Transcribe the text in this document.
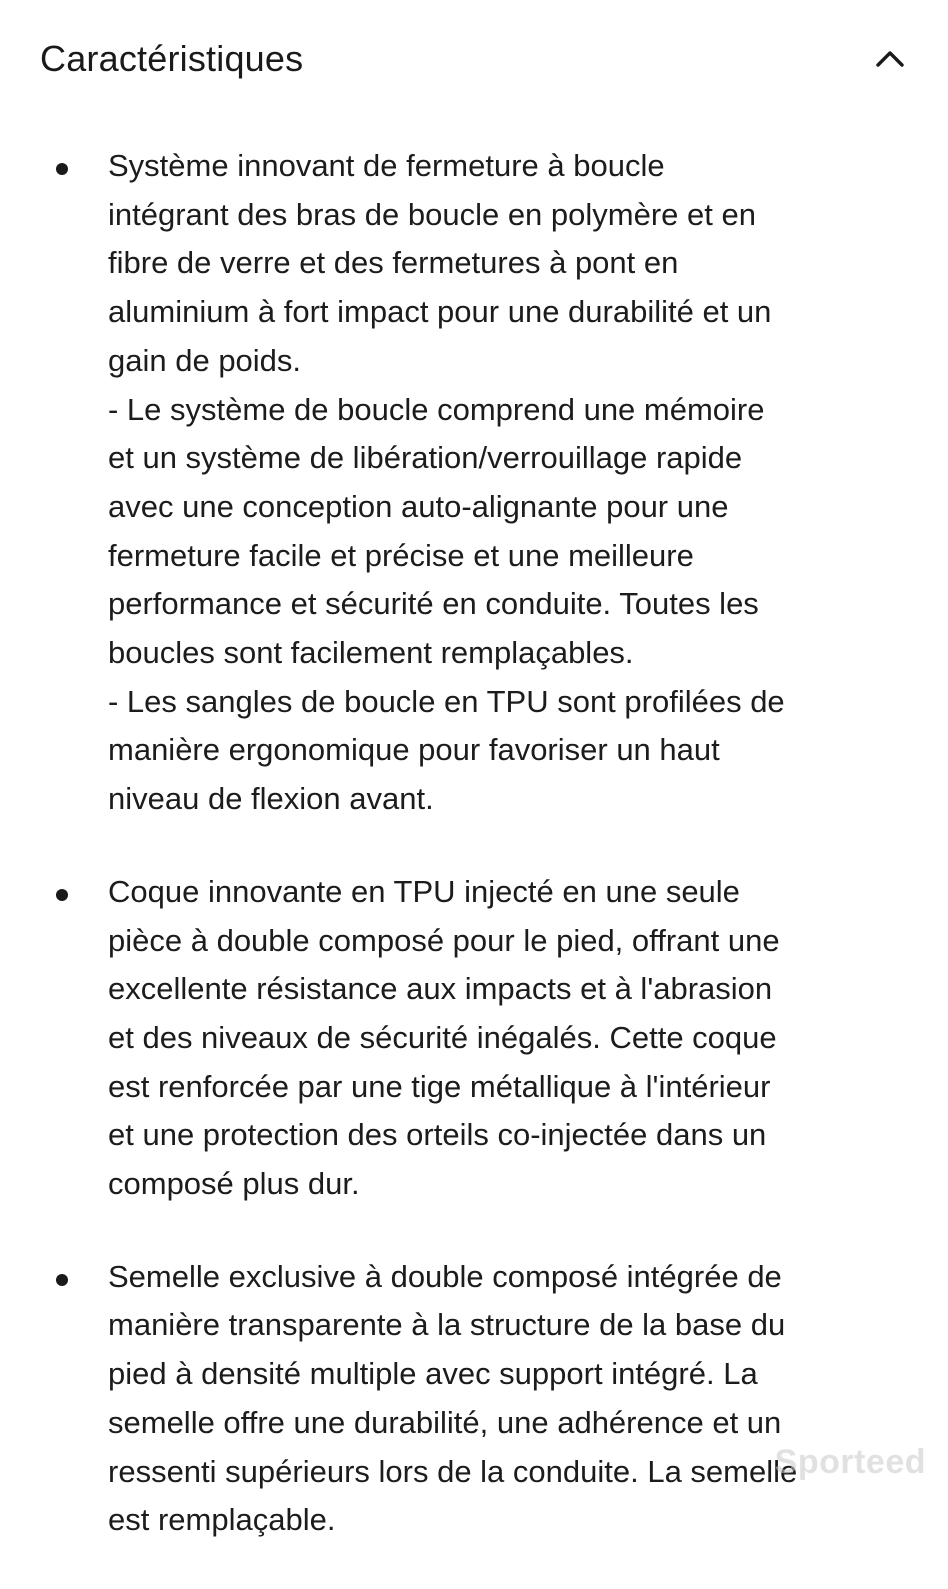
Caractéristiques
Système innovant de fermeture à boucle
intégrant des bras de boucle en polymère et en
fibre de verre et des fermetures à pont en
aluminium à fort impact pour une durabilité et un
gain de poids.
- Le système de boucle comprend une mémoire
et un système de libération/verrouillage rapide
avec une conception auto-alignante pour une
fermeture facile et précise et une meilleure
performance et sécurité en conduite. Toutes les
boucles sont facilement remplaçables.
- Les sangles de boucle en TPU sont profilées de
manière ergonomique pour favoriser un haut
niveau de flexion avant.
Coque innovante en TPU injecté en une seule
pièce à double composé pour le pied, offrant une
excellente résistance aux impacts et à l'abrasion
et des niveaux de sécurité inégalés. Cette coque
est renforcée par une tige métallique à l'intérieur
et une protection des orteils co-injectée dans un
composé plus dur.
Semelle exclusive à double composé intégrée de
manière transparente à la structure de la base du
pied à densité multiple avec support intégré. La
semelle offre une durabilité, une adhérence et un
ressenti supérieurs lors de la conduite. La semelle
est remplaçable.
Sporteed
